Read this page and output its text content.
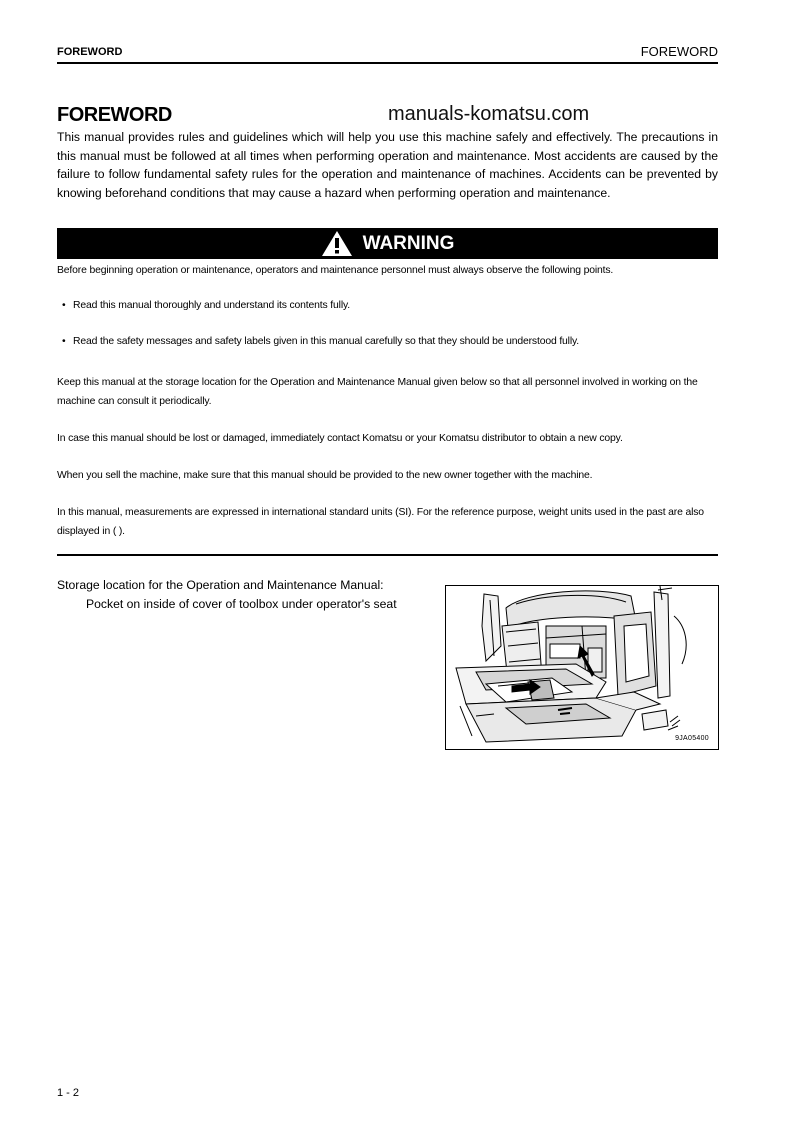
FOREWORD	FOREWORD
FOREWORD	manuals-komatsu.com
This manual provides rules and guidelines which will help you use this machine safely and effectively. The precautions in this manual must be followed at all times when performing operation and maintenance. Most accidents are caused by the failure to follow fundamental safety rules for the operation and maintenance of machines. Accidents can be prevented by knowing beforehand conditions that may cause a hazard when performing operation and maintenance.
WARNING
Before beginning operation or maintenance, operators and maintenance personnel must always observe the following points.
• Read this manual thoroughly and understand its contents fully.
• Read the safety messages and safety labels given in this manual carefully so that they should be understood fully.
Keep this manual at the storage location for the Operation and Maintenance Manual given below so that all personnel involved in working on the machine can consult it periodically.
In case this manual should be lost or damaged, immediately contact Komatsu or your Komatsu distributor to obtain a new copy.
When you sell the machine, make sure that this manual should be provided to the new owner together with the machine.
In this manual, measurements are expressed in international standard units (SI). For the reference purpose, weight units used in the past are also displayed in ( ).
Storage location for the Operation and Maintenance Manual:
Pocket on inside of cover of toolbox under operator's seat
9JA05400
1 - 2
